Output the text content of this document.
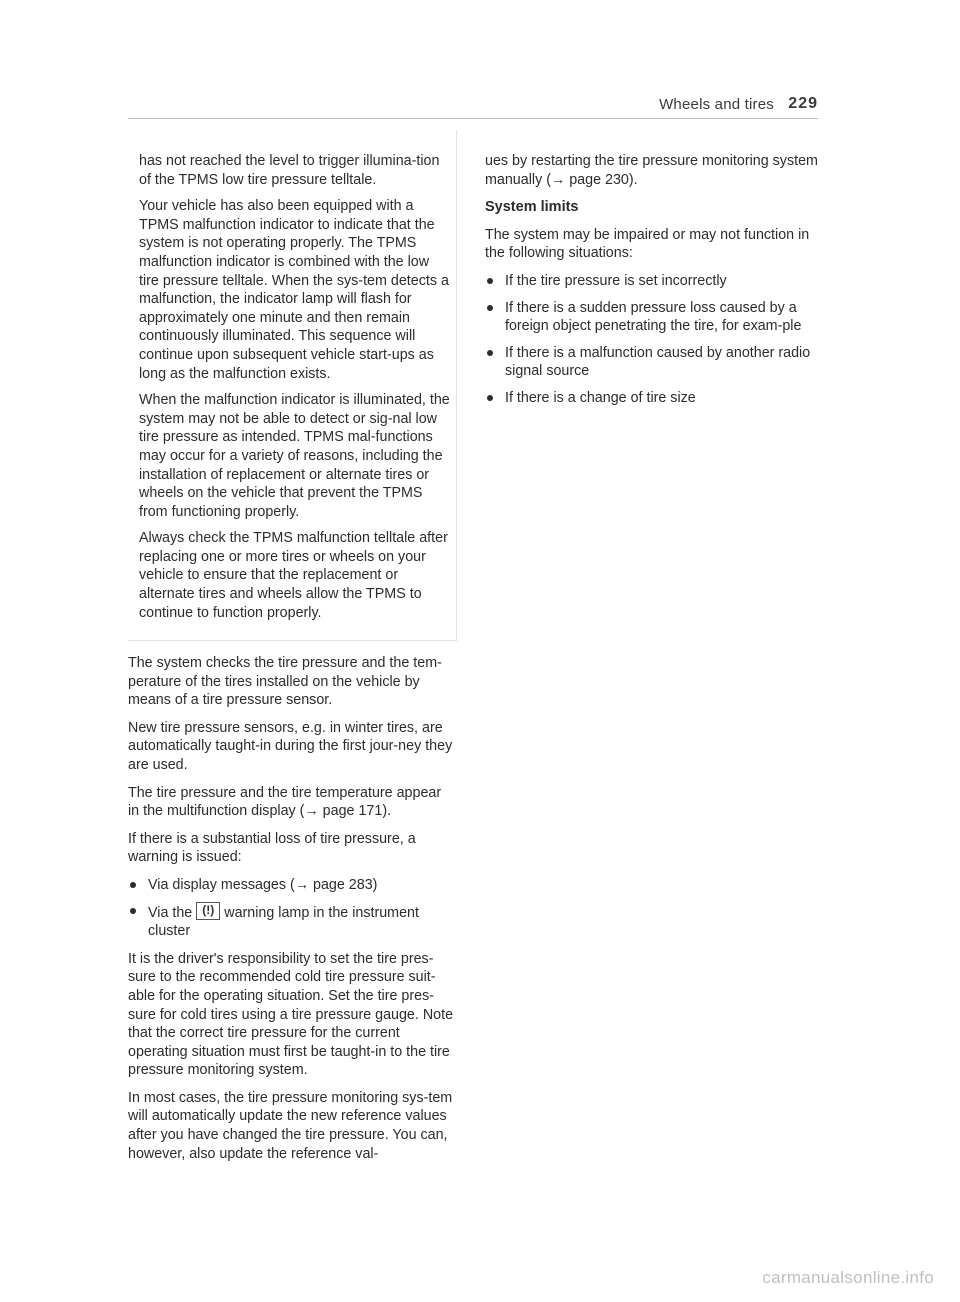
Wheels and tires 229

has not reached the level to trigger illumina-tion of the TPMS low tire pressure telltale.

Your vehicle has also been equipped with a TPMS malfunction indicator to indicate that the system is not operating properly. The TPMS malfunction indicator is combined with the low tire pressure telltale. When the sys-tem detects a malfunction, the indicator lamp will flash for approximately one minute and then remain continuously illuminated. This sequence will continue upon subsequent vehicle start-ups as long as the malfunction exists.

When the malfunction indicator is illuminated, the system may not be able to detect or sig-nal low tire pressure as intended. TPMS mal-functions may occur for a variety of reasons, including the installation of replacement or alternate tires or wheels on the vehicle that prevent the TPMS from functioning properly.

Always check the TPMS malfunction telltale after replacing one or more tires or wheels on your vehicle to ensure that the replacement or alternate tires and wheels allow the TPMS to continue to function properly.

The system checks the tire pressure and the tem-perature of the tires installed on the vehicle by means of a tire pressure sensor.

New tire pressure sensors, e.g. in winter tires, are automatically taught-in during the first jour-ney they are used.

The tire pressure and the tire temperature appear in the multifunction display (→ page 171).

If there is a substantial loss of tire pressure, a warning is issued:

Via display messages (→ page 283)
Via the (!) warning lamp in the instrument cluster

It is the driver's responsibility to set the tire pres-sure to the recommended cold tire pressure suit-able for the operating situation. Set the tire pres-sure for cold tires using a tire pressure gauge. Note that the correct tire pressure for the current operating situation must first be taught-in to the tire pressure monitoring system.

In most cases, the tire pressure monitoring sys-tem will automatically update the new reference values after you have changed the tire pressure. You can, however, also update the reference val-

ues by restarting the tire pressure monitoring system manually (→ page 230).

System limits

The system may be impaired or may not function in the following situations:

If the tire pressure is set incorrectly
If there is a sudden pressure loss caused by a foreign object penetrating the tire, for exam-ple
If there is a malfunction caused by another radio signal source
If there is a change of tire size
carmanualsonline.info
